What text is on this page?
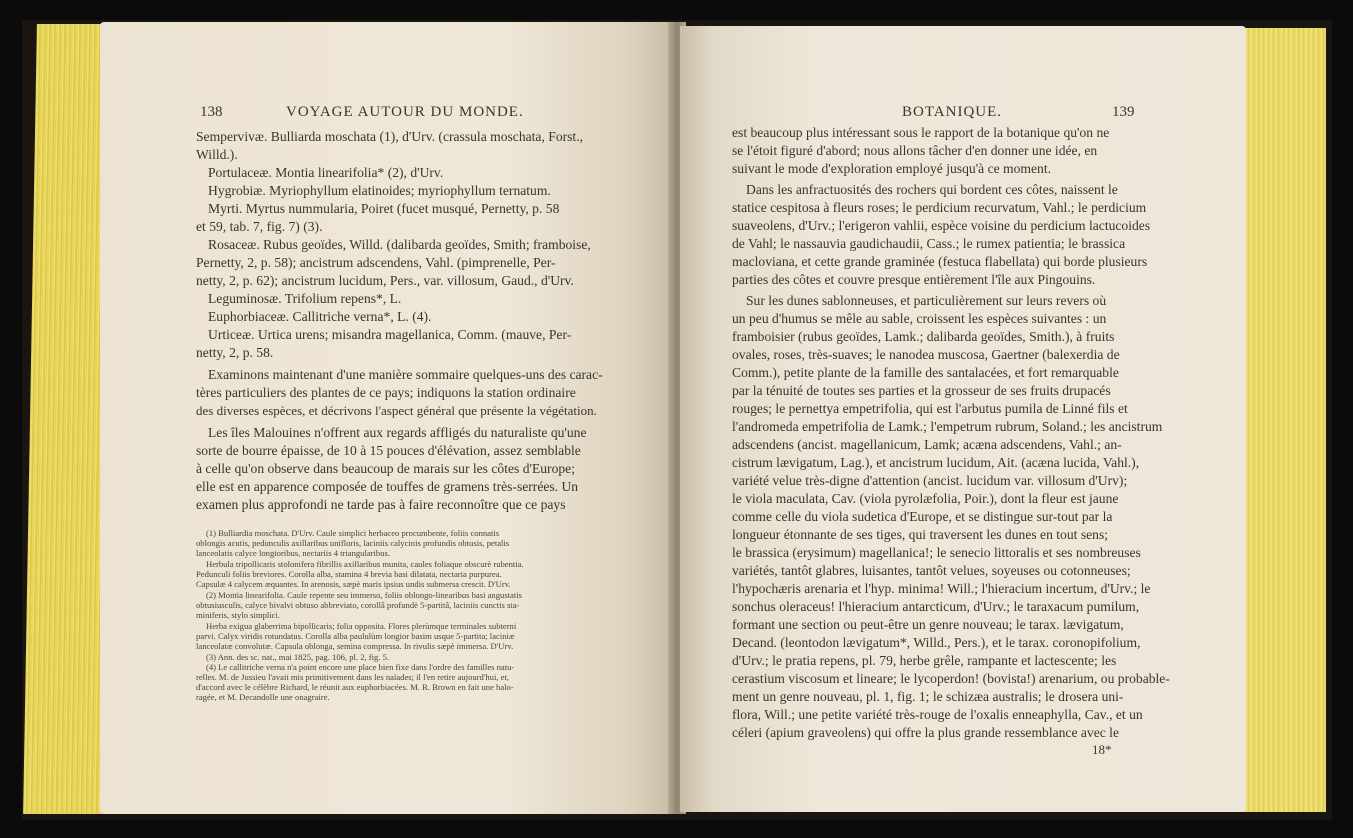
138	VOYAGE AUTOUR DU MONDE.
Sempervivæ. Bulliarda moschata (1), d'Urv. (crassula moschata, Forst.,
Willd.).
Portulaceæ. Montia linearifolia* (2), d'Urv.
Hygrobiæ. Myriophyllum elatinoides; myriophyllum ternatum.
Myrti. Myrtus nummularia, Poiret (fucet musqué, Pernetty, p. 58
et 59, tab. 7, fig. 7) (3).
Rosaceæ. Rubus geoïdes, Willd. (dalibarda geoïdes, Smith; framboise,
Pernetty, 2, p. 58); ancistrum adscendens, Vahl. (pimprenelle, Per-
netty, 2, p. 62); ancistrum lucidum, Pers., var. villosum, Gaud., d'Urv.
Leguminosæ. Trifolium repens*, L.
Euphorbiaceæ. Callitriche verna*, L. (4).
Urticeæ. Urtica urens; misandra magellanica, Comm. (mauve, Per-
netty, 2, p. 58.
Examinons maintenant d'une manière sommaire quelques-uns des carac-
tères particuliers des plantes de ce pays; indiquons la station ordinaire
des diverses espèces, et décrivons l'aspect général que présente la végétation.
Les îles Malouines n'offrent aux regards affligés du naturaliste qu'une
sorte de bourre épaisse, de 10 à 15 pouces d'élévation, assez semblable
à celle qu'on observe dans beaucoup de marais sur les côtes d'Europe;
elle est en apparence composée de touffes de gramens très-serrées. Un
examen plus approfondi ne tarde pas à faire reconnoître que ce pays
(1) Bulliardia moschata. D'Urv. Caule simplici herbaceo procumbente, foliis connatis
oblongis acutis, pedunculis axillaribus unifloris, laciniis calycinis profundis obtusis, petalis
lanceolatis calyce longioribus, nectariis 4 triangularibus.
Herbula tripollicaris stolonifera fibrillis axillaribus munita, caules foliaque obscurè rubentia.
Pedunculi foliis breviores. Corolla alba, stamina 4 brevia basi dilatata, nectaria purpurea.
Capsulæ 4 calycem æquantes. In arenosis, sæpè maris ipsius undis submersa crescit. D'Urv.
(2) Montia linearifolia. Caule repente seu immerso, foliis oblongo-linearibus basi angustatis
obtusiusculis, calyce bivalvi obtuso abbreviato, corollâ profundè 5-partitâ, laciniis cunctis sta-
miniferis, stylo simplici.
Herba exigua glaberrima bipollicaris; folia opposita. Flores plerùmque terminales subterni
parvi. Calyx viridis rotundatus. Corolla alba paululùm longior basim usque 5-partita; laciniæ
lanceolatæ convolutæ. Capsula oblonga, semina compressa. In rivulis sæpè immersa. D'Urv.
(3) Ann. des sc. nat., mai 1825, pag. 106, pl. 2, fig. 5.
(4) Le callitriche verna n'a point encore une place bien fixe dans l'ordre des familles natu-
relles. M. de Jussieu l'avait mis primitivement dans les naïades; il l'en retire aujourd'hui, et,
d'accord avec le célèbre Richard, le réunit aux euphorbiacées. M. R. Brown en fait une halo-
ragée, et M. Decandolle une onagraire.
BOTANIQUE.	139
est beaucoup plus intéressant sous le rapport de la botanique qu'on ne
se l'étoit figuré d'abord; nous allons tâcher d'en donner une idée, en
suivant le mode d'exploration employé jusqu'à ce moment.
Dans les anfractuosités des rochers qui bordent ces côtes, naissent le
statice cespitosa à fleurs roses; le perdicium recurvatum, Vahl.; le perdicium
suaveolens, d'Urv.; l'erigeron vahlii, espèce voisine du perdicium lactucoides
de Vahl; le nassauvia gaudichaudii, Cass.; le rumex patientia; le brassica
macloviana, et cette grande graminée (festuca flabellata) qui borde plusieurs
parties des côtes et couvre presque entièrement l'île aux Pingouins.
Sur les dunes sablonneuses, et particulièrement sur leurs revers où
un peu d'humus se mêle au sable, croissent les espèces suivantes : un
framboisier (rubus geoïdes, Lamk.; dalibarda geoïdes, Smith.), à fruits
ovales, roses, très-suaves; le nanodea muscosa, Gaertner (balexerdia de
Comm.), petite plante de la famille des santalacées, et fort remarquable
par la ténuité de toutes ses parties et la grosseur de ses fruits drupacés
rouges; le pernettya empetrifolia, qui est l'arbutus pumila de Linné fils et
l'andromeda empetrifolia de Lamk.; l'empetrum rubrum, Soland.; les ancistrum
adscendens (ancist. magellanicum, Lamk; acæna adscendens, Vahl.; an-
cistrum lævigatum, Lag.), et ancistrum lucidum, Ait. (acæna lucida, Vahl.),
variété velue très-digne d'attention (ancist. lucidum var. villosum d'Urv);
le viola maculata, Cav. (viola pyrolæfolia, Poir.), dont la fleur est jaune
comme celle du viola sudetica d'Europe, et se distingue sur-tout par la
longueur étonnante de ses tiges, qui traversent les dunes en tout sens;
le brassica (erysimum) magellanica!; le senecio littoralis et ses nombreuses
variétés, tantôt glabres, luisantes, tantôt velues, soyeuses ou cotonneuses;
l'hypochæris arenaria et l'hyp. minima! Will.; l'hieracium incertum, d'Urv.; le
sonchus oleraceus! l'hieracium antarcticum, d'Urv.; le taraxacum pumilum,
formant une section ou peut-être un genre nouveau; le tarax. lævigatum,
Decand. (leontodon lævigatum*, Willd., Pers.), et le tarax. coronopifolium,
d'Urv.; le pratia repens, pl. 79, herbe grêle, rampante et lactescente; les
cerastium viscosum et lineare; le lycoperdon! (bovista!) arenarium, ou probable-
ment un genre nouveau, pl. 1, fig. 1; le schizæa australis; le drosera uni-
flora, Will.; une petite variété très-rouge de l'oxalis enneaphylla, Cav., et un
céleri (apium graveolens) qui offre la plus grande ressemblance avec le
18*
